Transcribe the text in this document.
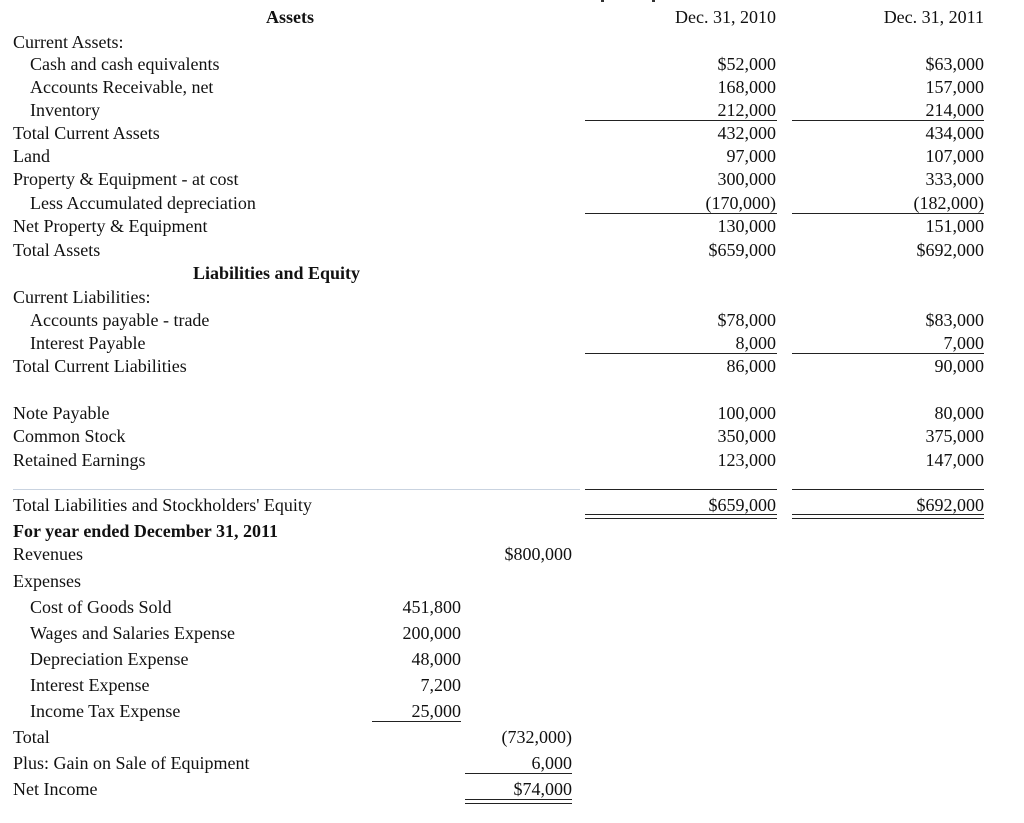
Assets	Dec. 31, 2010	Dec. 31, 2011
Current Assets:
Cash and cash equivalents	$52,000	$63,000
Accounts Receivable, net	168,000	157,000
Inventory	212,000	214,000
Total Current Assets	432,000	434,000
Land	97,000	107,000
Property & Equipment - at cost	300,000	333,000
Less Accumulated depreciation	(170,000)	(182,000)
Net Property & Equipment	130,000	151,000
Total Assets	$659,000	$692,000
Liabilities and Equity
Current Liabilities:
Accounts payable - trade	$78,000	$83,000
Interest Payable	8,000	7,000
Total Current Liabilities	86,000	90,000
Note Payable	100,000	80,000
Common Stock	350,000	375,000
Retained Earnings	123,000	147,000
Total Liabilities and Stockholders' Equity	$659,000	$692,000
For year ended December 31, 2011
Revenues	$800,000
Expenses
Cost of Goods Sold	451,800
Wages and Salaries Expense	200,000
Depreciation Expense	48,000
Interest Expense	7,200
Income Tax Expense	25,000
Total	(732,000)
Plus: Gain on Sale of Equipment	6,000
Net Income	$74,000
